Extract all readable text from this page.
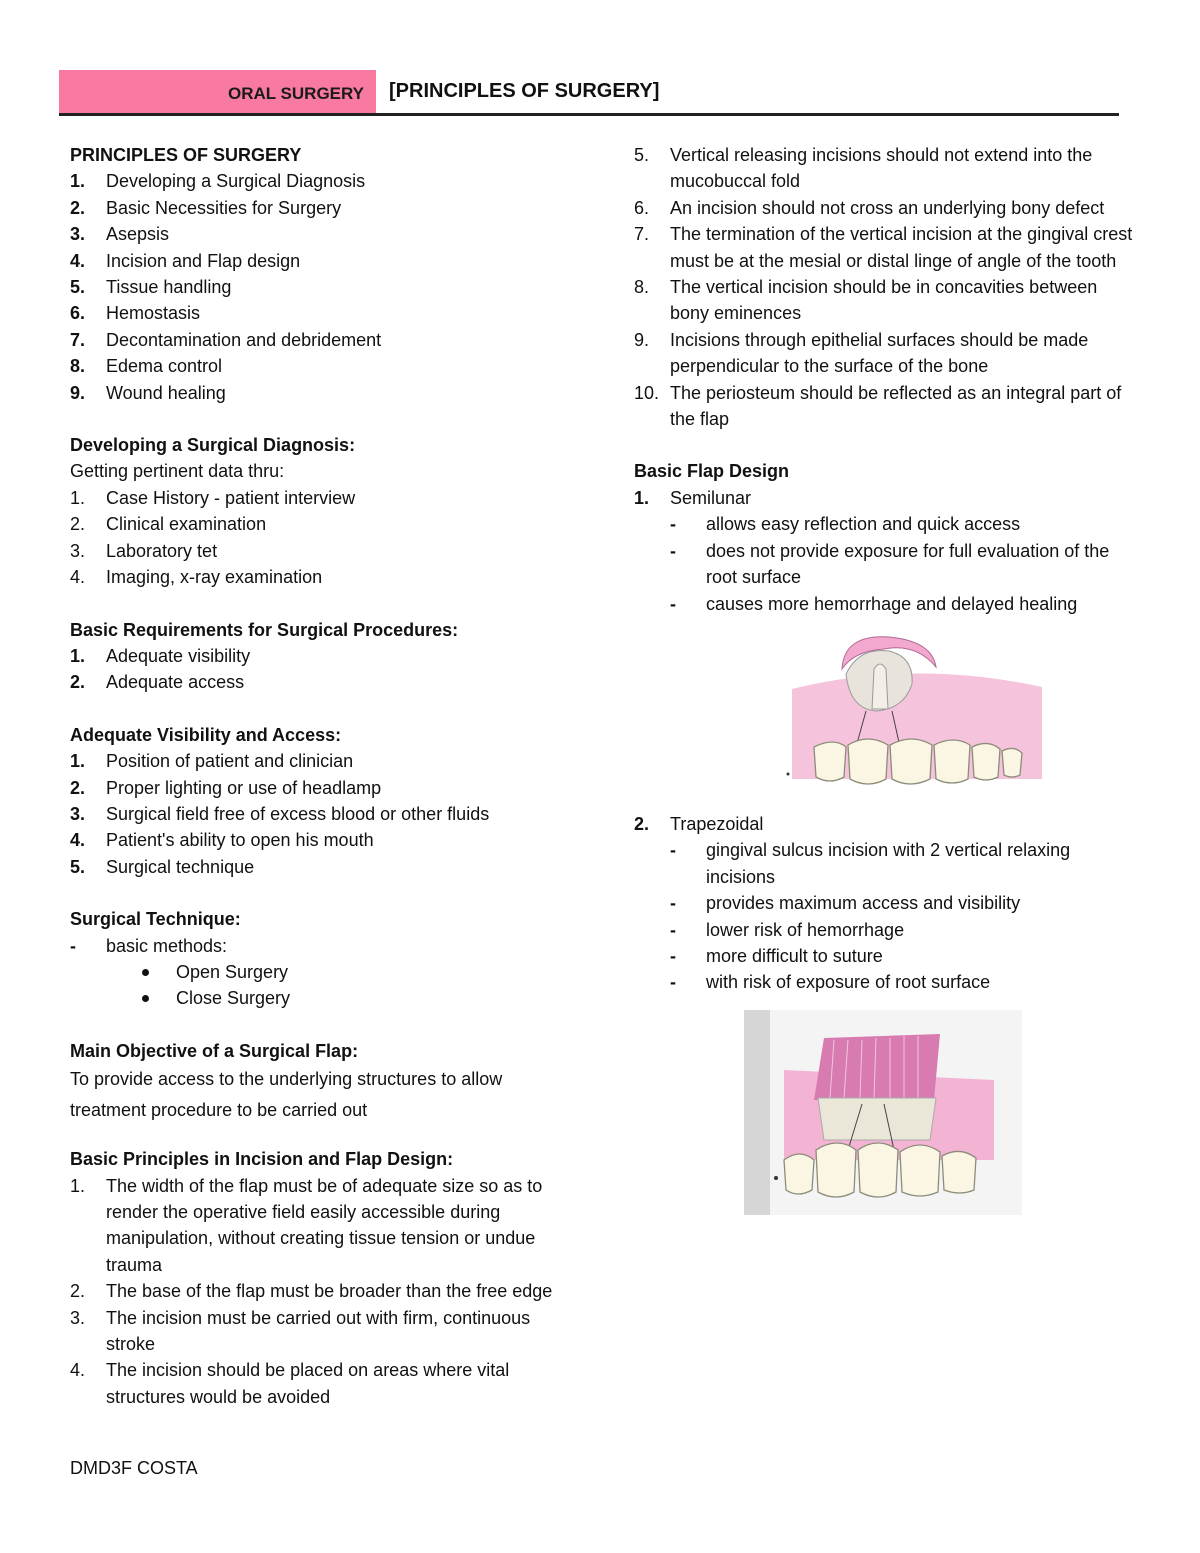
ORAL SURGERY [PRINCIPLES OF SURGERY]
PRINCIPLES OF SURGERY
1. Developing a Surgical Diagnosis
2. Basic Necessities for Surgery
3. Asepsis
4. Incision and Flap design
5. Tissue handling
6. Hemostasis
7. Decontamination and debridement
8. Edema control
9. Wound healing
Developing a Surgical Diagnosis:
Getting pertinent data thru:
1. Case History - patient interview
2. Clinical examination
3. Laboratory tet
4. Imaging, x-ray examination
Basic Requirements for Surgical Procedures:
1. Adequate visibility
2. Adequate access
Adequate Visibility and Access:
1. Position of patient and clinician
2. Proper lighting or use of headlamp
3. Surgical field free of excess blood or other fluids
4. Patient's ability to open his mouth
5. Surgical technique
Surgical Technique:
- basic methods:
Open Surgery
Close Surgery
Main Objective of a Surgical Flap:
To provide access to the underlying structures to allow treatment procedure to be carried out
Basic Principles in Incision and Flap Design:
1. The width of the flap must be of adequate size so as to render the operative field easily accessible during manipulation, without creating tissue tension or undue trauma
2. The base of the flap must be broader than the free edge
3. The incision must be carried out with firm, continuous stroke
4. The incision should be placed on areas where vital structures would be avoided
5. Vertical releasing incisions should not extend into the mucobuccal fold
6. An incision should not cross an underlying bony defect
7. The termination of the vertical incision at the gingival crest must be at the mesial or distal linge of angle of the tooth
8. The vertical incision should be in concavities between bony eminences
9. Incisions through epithelial surfaces should be made perpendicular to the surface of the bone
10. The periosteum should be reflected as an integral part of the flap
Basic Flap Design
1. Semilunar
- allows easy reflection and quick access
- does not provide exposure for full evaluation of the root surface
- causes more hemorrhage and delayed healing
2. Trapezoidal
- gingival sulcus incision with 2 vertical relaxing incisions
- provides maximum access and visibility
- lower risk of hemorrhage
- more difficult to suture
- with risk of exposure of root surface
DMD3F COSTA
